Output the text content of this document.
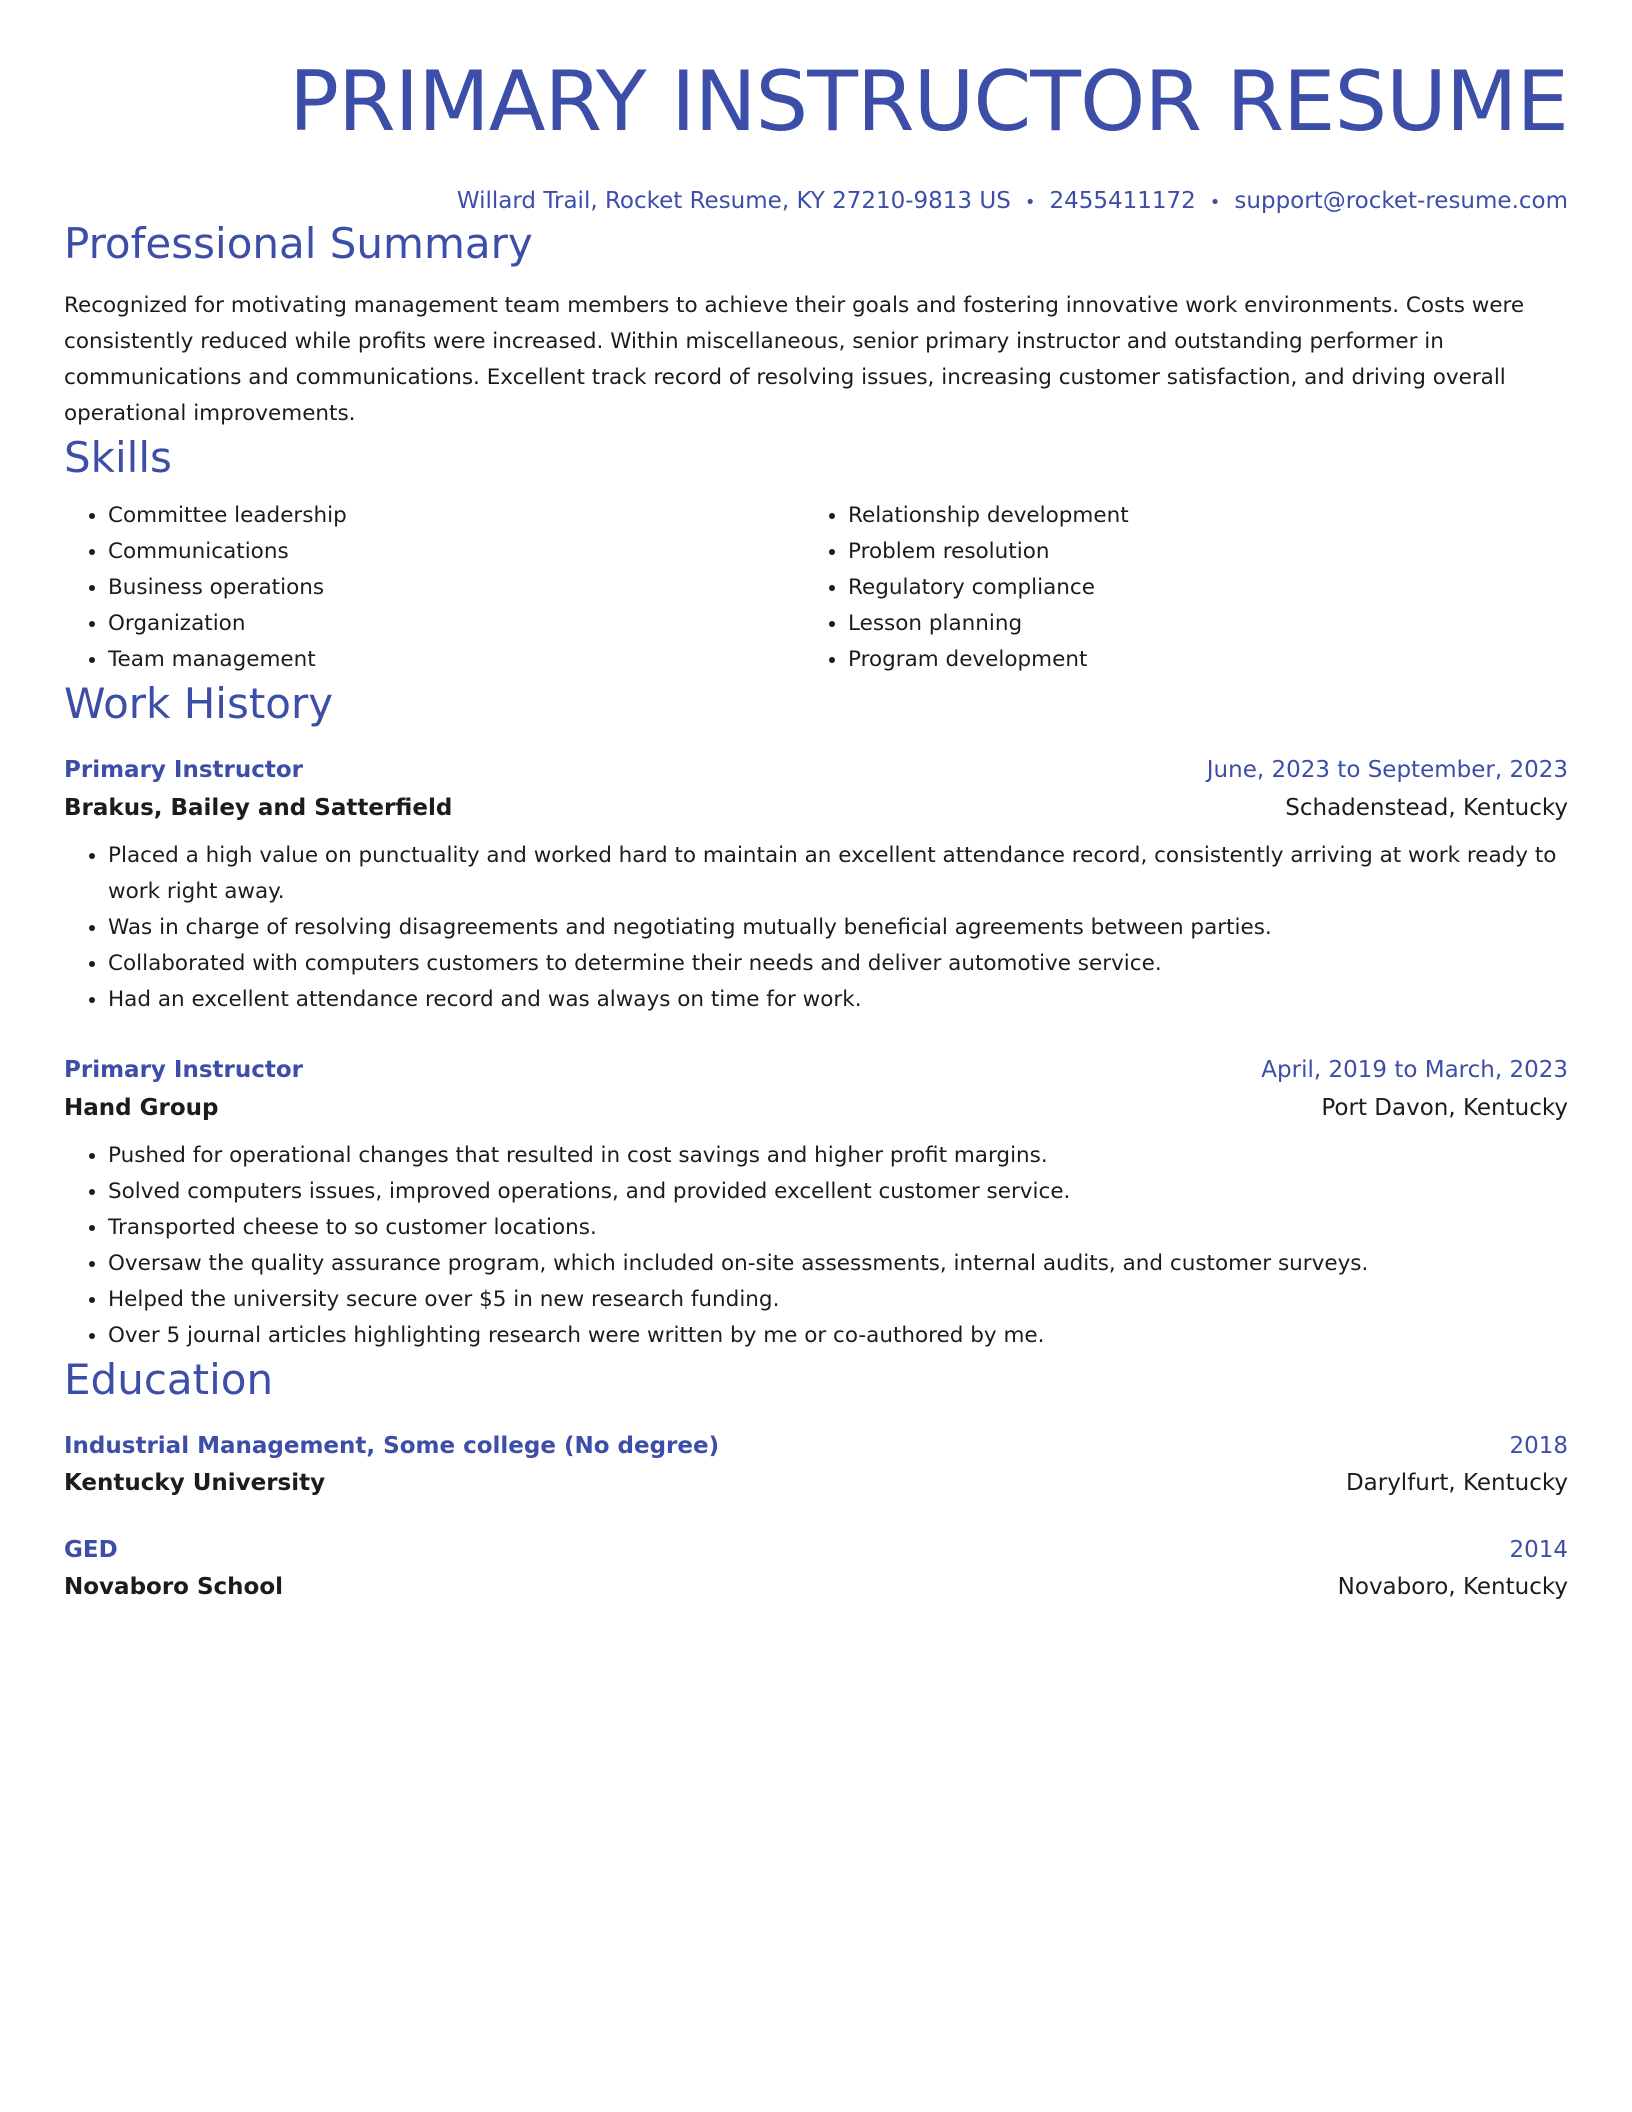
PRIMARY INSTRUCTOR RESUME
Willard Trail, Rocket Resume, KY 27210-9813 US • 2455411172 • support@rocket-resume.com
Professional Summary
Recognized for motivating management team members to achieve their goals and fostering innovative work environments. Costs were consistently reduced while profits were increased. Within miscellaneous, senior primary instructor and outstanding performer in communications and communications. Excellent track record of resolving issues, increasing customer satisfaction, and driving overall operational improvements.
Skills
• Committee leadership
• Communications
• Business operations
• Organization
• Team management
• Relationship development
• Problem resolution
• Regulatory compliance
• Lesson planning
• Program development
Work History
Primary Instructor	June, 2023 to September, 2023
Brakus, Bailey and Satterfield	Schadenstead, Kentucky
• Placed a high value on punctuality and worked hard to maintain an excellent attendance record, consistently arriving at work ready to work right away.
• Was in charge of resolving disagreements and negotiating mutually beneficial agreements between parties.
• Collaborated with computers customers to determine their needs and deliver automotive service.
• Had an excellent attendance record and was always on time for work.
Primary Instructor	April, 2019 to March, 2023
Hand Group	Port Davon, Kentucky
• Pushed for operational changes that resulted in cost savings and higher profit margins.
• Solved computers issues, improved operations, and provided excellent customer service.
• Transported cheese to so customer locations.
• Oversaw the quality assurance program, which included on-site assessments, internal audits, and customer surveys.
• Helped the university secure over $5 in new research funding.
• Over 5 journal articles highlighting research were written by me or co-authored by me.
Education
Industrial Management, Some college (No degree)	2018
Kentucky University	Darylfurt, Kentucky
GED	2014
Novaboro School	Novaboro, Kentucky
